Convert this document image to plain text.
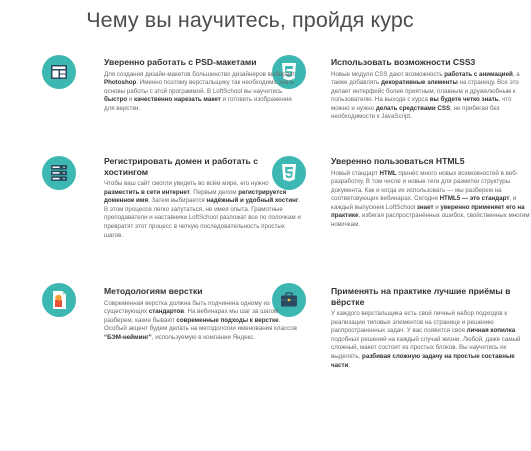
Чему вы научитесь, пройдя курс
Уверенно работать с PSD-макетами
Для создания дизайн-макетов большинство дизайнеров выбирает Photoshop. Именно поэтому верстальщику так необходимо знать основы работы с этой программой. В LoftSchool вы научитесь быстро и качественно нарезать макет и готовить изображения для верстки.
Использовать возможности CSS3
Новые модули CSS дают возможность работать с анимацией, а также добавлять декоративные элементы на страницу. Все это делает интерфейс более приятным, плавным и дружелюбным к пользователю. На выходе с курса вы будете четко знать, что можно и нужно делать средствами CSS, не прибегая без необходимости к JavaScript.
Регистрировать домен и работать с хостингом
Чтобы ваш сайт смогли увидеть во всём мире, его нужно разместить в сети интернет. Первым делом регистрируется доменное имя. Затем выбирается надёжный и удобный хостинг. В этом процессе легко запутаться, не имея опыта. Грамотные преподаватели и наставники LoftSchool разложат все по полочкам и превратят этот процесс в четкую последовательность простых шагов.
Уверенно пользоваться HTML5
Новый стандарт HTML принёс много новых возможностей в веб-разработку. В том числе и новые теги для разметки структуры документа. Как и когда их использовать — мы разберем на соответсвующих вебинарах. Сегодня HTML5 — это стандарт, и каждый выпускник LoftSchool знает и уверенно применяет его на практике, избегая распространённых ошибок, свойственных многим новичкам.
Методологиям верстки
Современная верстка должна быть подчинена одному из существующих стандартов. На вебинарах мы шаг за шагом разберем, какие бывают современные подходы к верстке. Особый акцент будем делать на методологии именования классов “БЭМ-нейминг”, используемую в компании Яндекс.
Применять на практике лучшие приёмы в вёрстке
У каждого верстальщика есть свой личный набор подходов к реализации типовых элементов на странице и решению распространенных задач. У вас появится своя личная копилка подобных решений на каждый случай жизни. Любой, даже самый сложный, макет состоит из простых блоков. Вы научитесь их выделять, разбивая сложную задачу на простые составные части.
